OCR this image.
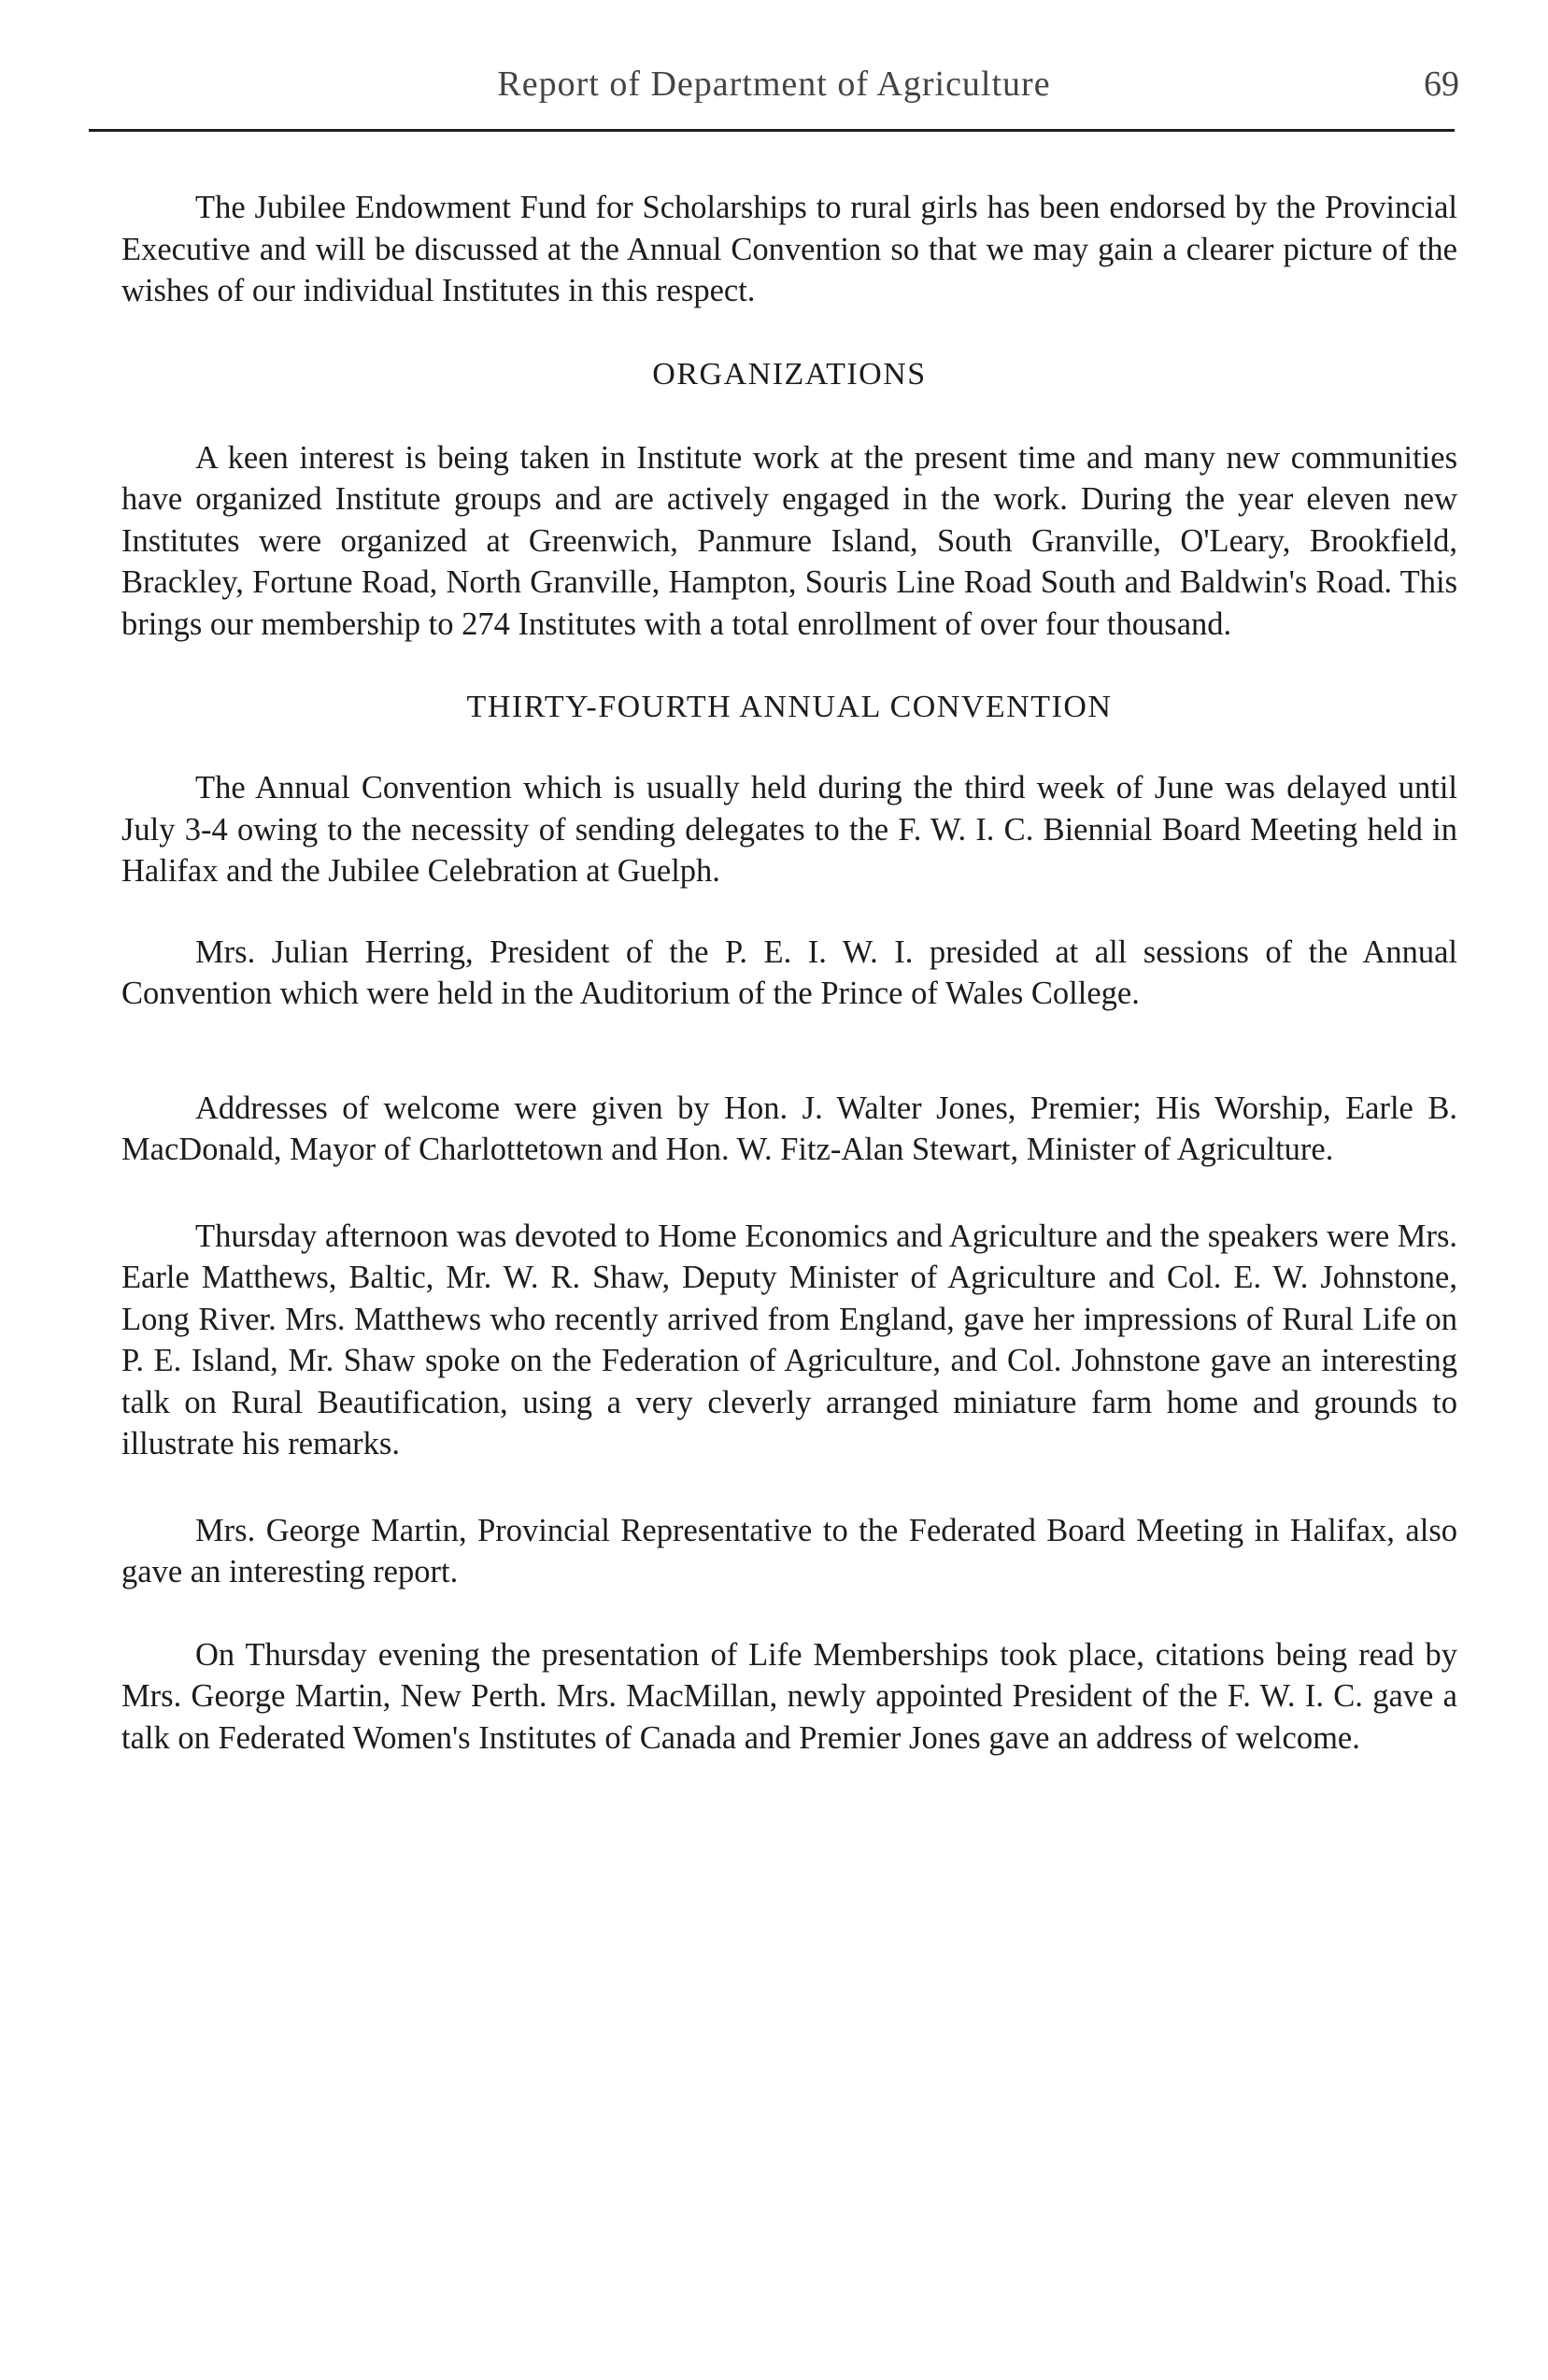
Report of Department of Agriculture	69

The Jubilee Endowment Fund for Scholarships to rural girls has been endorsed by the Provincial Executive and will be discussed at the Annual Convention so that we may gain a clearer picture of the wishes of our individual Institutes in this respect.

ORGANIZATIONS

A keen interest is being taken in Institute work at the present time and many new communities have organized Institute groups and are actively engaged in the work. During the year eleven new Institutes were organized at Greenwich, Panmure Island, South Granville, O'Leary, Brookfield, Brackley, Fortune Road, North Granville, Hampton, Souris Line Road South and Baldwin's Road. This brings our membership to 274 Institutes with a total enrollment of over four thousand.

THIRTY-FOURTH ANNUAL CONVENTION

The Annual Convention which is usually held during the third week of June was delayed until July 3-4 owing to the necessity of sending delegates to the F. W. I. C. Biennial Board Meeting held in Halifax and the Jubilee Celebration at Guelph.

Mrs. Julian Herring, President of the P. E. I. W. I. presided at all sessions of the Annual Convention which were held in the Auditorium of the Prince of Wales College.

Addresses of welcome were given by Hon. J. Walter Jones, Premier; His Worship, Earle B. MacDonald, Mayor of Charlottetown and Hon. W. Fitz-Alan Stewart, Minister of Agriculture.

Thursday afternoon was devoted to Home Economics and Agriculture and the speakers were Mrs. Earle Matthews, Baltic, Mr. W. R. Shaw, Deputy Minister of Agriculture and Col. E. W. Johnstone, Long River. Mrs. Matthews who recently arrived from England, gave her impressions of Rural Life on P. E. Island, Mr. Shaw spoke on the Federation of Agriculture, and Col. Johnstone gave an interesting talk on Rural Beautification, using a very cleverly arranged miniature farm home and grounds to illustrate his remarks.

Mrs. George Martin, Provincial Representative to the Federated Board Meeting in Halifax, also gave an interesting report.

On Thursday evening the presentation of Life Memberships took place, citations being read by Mrs. George Martin, New Perth. Mrs. MacMillan, newly appointed President of the F. W. I. C. gave a talk on Federated Women's Institutes of Canada and Premier Jones gave an address of welcome.
